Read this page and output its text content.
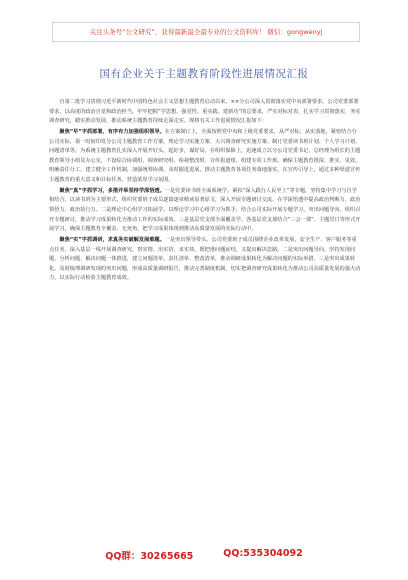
关注头条号“公文研究”，获得最新最全最专业的公文资料库！ 微信：gongwenyj
国有企业关于主题教育阶段性进展情况汇报

自第二批学习贯彻习近平新时代中国特色社会主义思想主题教育启动以来，××分公司深入贯彻落实党中央部署要求，公司党委部署要求，以高度的政治自觉和政治担当，牢牢把握“学思想、强党性、重实践、建新功”的总要求，严实对标对表，扎实学习贯彻落实，务实调查研究，踏实推动发展，推动系统主题教育持续走深走实。现将有关工作进展情况汇报如下：

聚焦“早”字抓部署，有序有力加强组织领导。在方案制订上，全面按照党中央和上级党委要求，从严对标，从实落地，紧密结合分公司实际，第一时间印发分公司主题教育工作方案，理论学习实施方案、大兴调查研究实施方案、制订党委读书班计划、个人学习计划、问题清单等。为系统主题教育扎实深入开展开好头、起好步，谋好局。在组织保障上，迅速成立以分公司党委书记、总经理为组长的主题教育领导小组及办公室，下设综合协调组、调查研究组、检视整改组、宣传报道组，组建专项工作班，确保主题教育推深、推实、见效。明确责任分工，建立健全工作机制，加强统筹协调，及时跟进进展，推动主题教育各项任务落地落实。在宣传引导上，通过多种渠道宣传主题教育的重大意义和目标任务，营造浓厚学习氛围。

聚焦“真”字抓学习，多措并举坚持学深悟透。一是党委读书班全面系统学。紧扣“深入践行人民至上”等专题，坚持集中学习与自学相结合，以读书班为主要形式，组织党委班子成员逐篇逐章精读原著原文，深入开展专题研讨交流，在学深悟透中提高政治判断力、政治领悟力、政治执行力。二是理论中心组学习拓展学。以理论学习中心组学习为抓手，结合公司实际开展专题学习，突出问题导向，组织召开专题研讨，推动学习成果转化为推动工作的实际成效。三是基层党支部全面覆盖学。各基层党支部结合“三会一课”、主题党日等形式开展学习，确保主题教育全覆盖、无死角，把学习成果体现到推动高质量发展的实际行动中。

聚焦“实”字抓调研，求真务实破解发展难题。一是突出领导带头。公司党委班子成员围绕企业改革发展、安全生产、客户服务等重点任务，深入基层一线开展调查研究，察实情、出实招、求实效，既把准问题症结，又提出解决思路。二是突出问题导向。坚持发现问题、分析问题、解决问题一体推进，建立问题清单、责任清单、整改清单，推动调研成果转化为解决问题的实际举措。三是突出成果转化。及时梳理调研发现的突出问题，形成高质量调研报告，推动完善制度机制，切实把调查研究成果转化为推动公司高质量发展的强大动力，以实际行动检验主题教育成效。

QQ群：30265665	QQ:535304092
